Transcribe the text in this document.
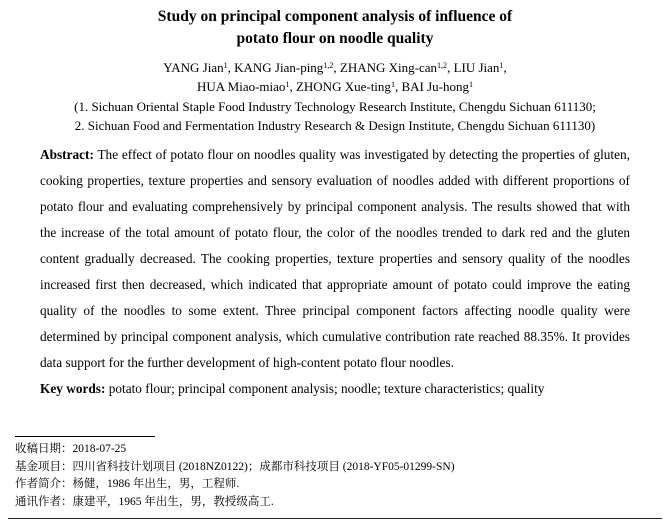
Study on principal component analysis of influence of
potato flour on noodle quality
YANG Jian$^1$, KANG Jian-ping$^{1,2}$, ZHANG Xing-can$^{1,2}$, LIU Jian$^1$,
HUA Miao-miao$^1$, ZHONG Xue-ting$^1$, BAI Ju-hong$^1$
(1. Sichuan Oriental Staple Food Industry Technology Research Institute, Chengdu Sichuan 611130;
2. Sichuan Food and Fermentation Industry Research & Design Institute, Chengdu Sichuan 611130)

Abstract: The effect of potato flour on noodles quality was investigated by detecting the properties of gluten, cooking properties, texture properties and sensory evaluation of noodles added with different proportions of potato flour and evaluating comprehensively by principal component analysis. The results showed that with the increase of the total amount of potato flour, the color of the noodles trended to dark red and the gluten content gradually decreased. The cooking properties, texture properties and sensory quality of the noodles increased first then decreased, which indicated that appropriate amount of potato could improve the eating quality of the noodles to some extent. Three principal component factors affecting noodle quality were determined by principal component analysis, which cumulative contribution rate reached 88.35%. It provides data support for the further development of high-content potato flour noodles.

Key words: potato flour; principal component analysis; noodle; texture characteristics; quality

收稿日期：2018-07-25
基金项目：四川省科技计划项目 (2018NZ0122)；成都市科技项目 (2018-YF05-01299-SN)
作者简介：杨健，1986 年出生，男，工程师.
通讯作者：康建平，1965 年出生，男，教授级高工.
